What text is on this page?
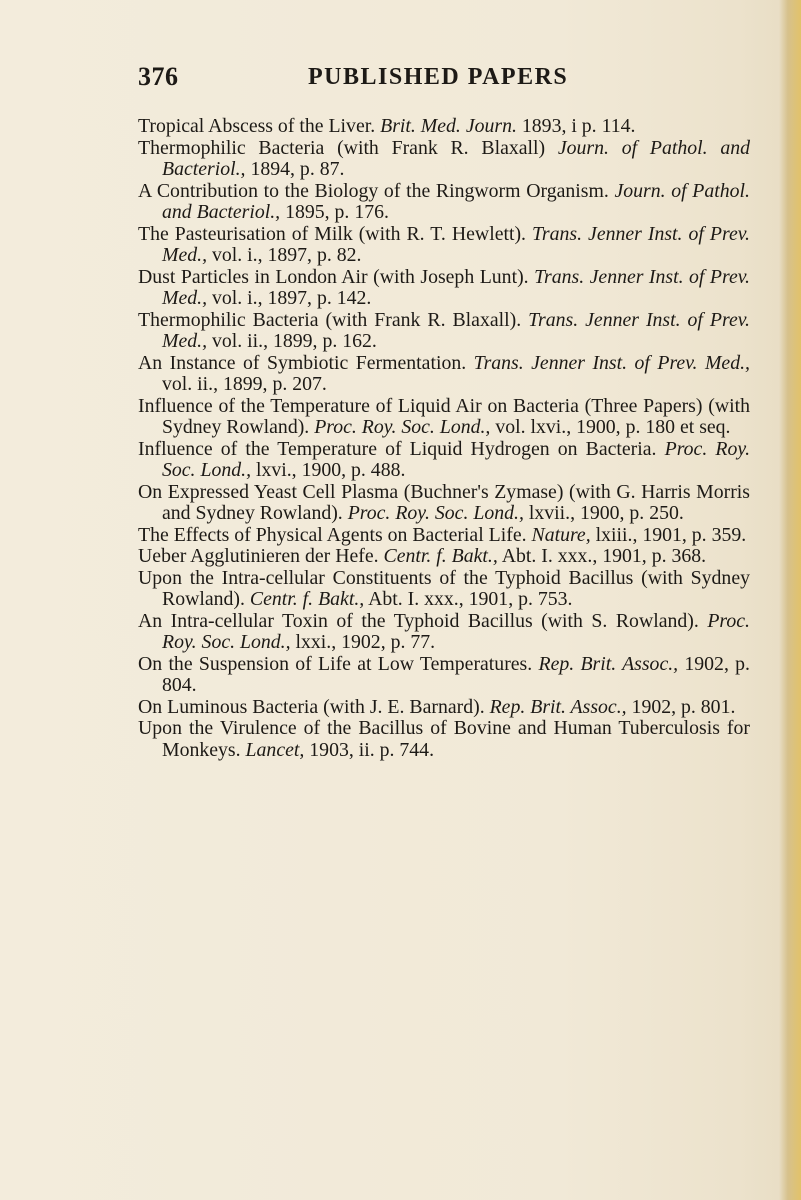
376	PUBLISHED PAPERS

Tropical Abscess of the Liver. Brit. Med. Journ. 1893, i p. 114.

Thermophilic Bacteria (with Frank R. Blaxall) Journ. of Pathol. and Bacteriol., 1894, p. 87.

A Contribution to the Biology of the Ringworm Organism. Journ. of Pathol. and Bacteriol., 1895, p. 176.

The Pasteurisation of Milk (with R. T. Hewlett). Trans. Jenner Inst. of Prev. Med., vol. i., 1897, p. 82.

Dust Particles in London Air (with Joseph Lunt). Trans. Jenner Inst. of Prev. Med., vol. i., 1897, p. 142.

Thermophilic Bacteria (with Frank R. Blaxall). Trans. Jenner Inst. of Prev. Med., vol. ii., 1899, p. 162.

An Instance of Symbiotic Fermentation. Trans. Jenner Inst. of Prev. Med., vol. ii., 1899, p. 207.

Influence of the Temperature of Liquid Air on Bacteria (Three Papers) (with Sydney Rowland). Proc. Roy. Soc. Lond., vol. lxvi., 1900, p. 180 et seq.

Influence of the Temperature of Liquid Hydrogen on Bacteria. Proc. Roy. Soc. Lond., lxvi., 1900, p. 488.

On Expressed Yeast Cell Plasma (Buchner's Zymase) (with G. Harris Morris and Sydney Rowland). Proc. Roy. Soc. Lond., lxvii., 1900, p. 250.

The Effects of Physical Agents on Bacterial Life. Nature, lxiii., 1901, p. 359.

Ueber Agglutinieren der Hefe. Centr. f. Bakt., Abt. I. xxx., 1901, p. 368.

Upon the Intra-cellular Constituents of the Typhoid Bacillus (with Sydney Rowland). Centr. f. Bakt., Abt. I. xxx., 1901, p. 753.

An Intra-cellular Toxin of the Typhoid Bacillus (with S. Rowland). Proc. Roy. Soc. Lond., lxxi., 1902, p. 77.

On the Suspension of Life at Low Temperatures. Rep. Brit. Assoc., 1902, p. 804.

On Luminous Bacteria (with J. E. Barnard). Rep. Brit. Assoc., 1902, p. 801.

Upon the Virulence of the Bacillus of Bovine and Human Tuberculosis for Monkeys. Lancet, 1903, ii. p. 744.
